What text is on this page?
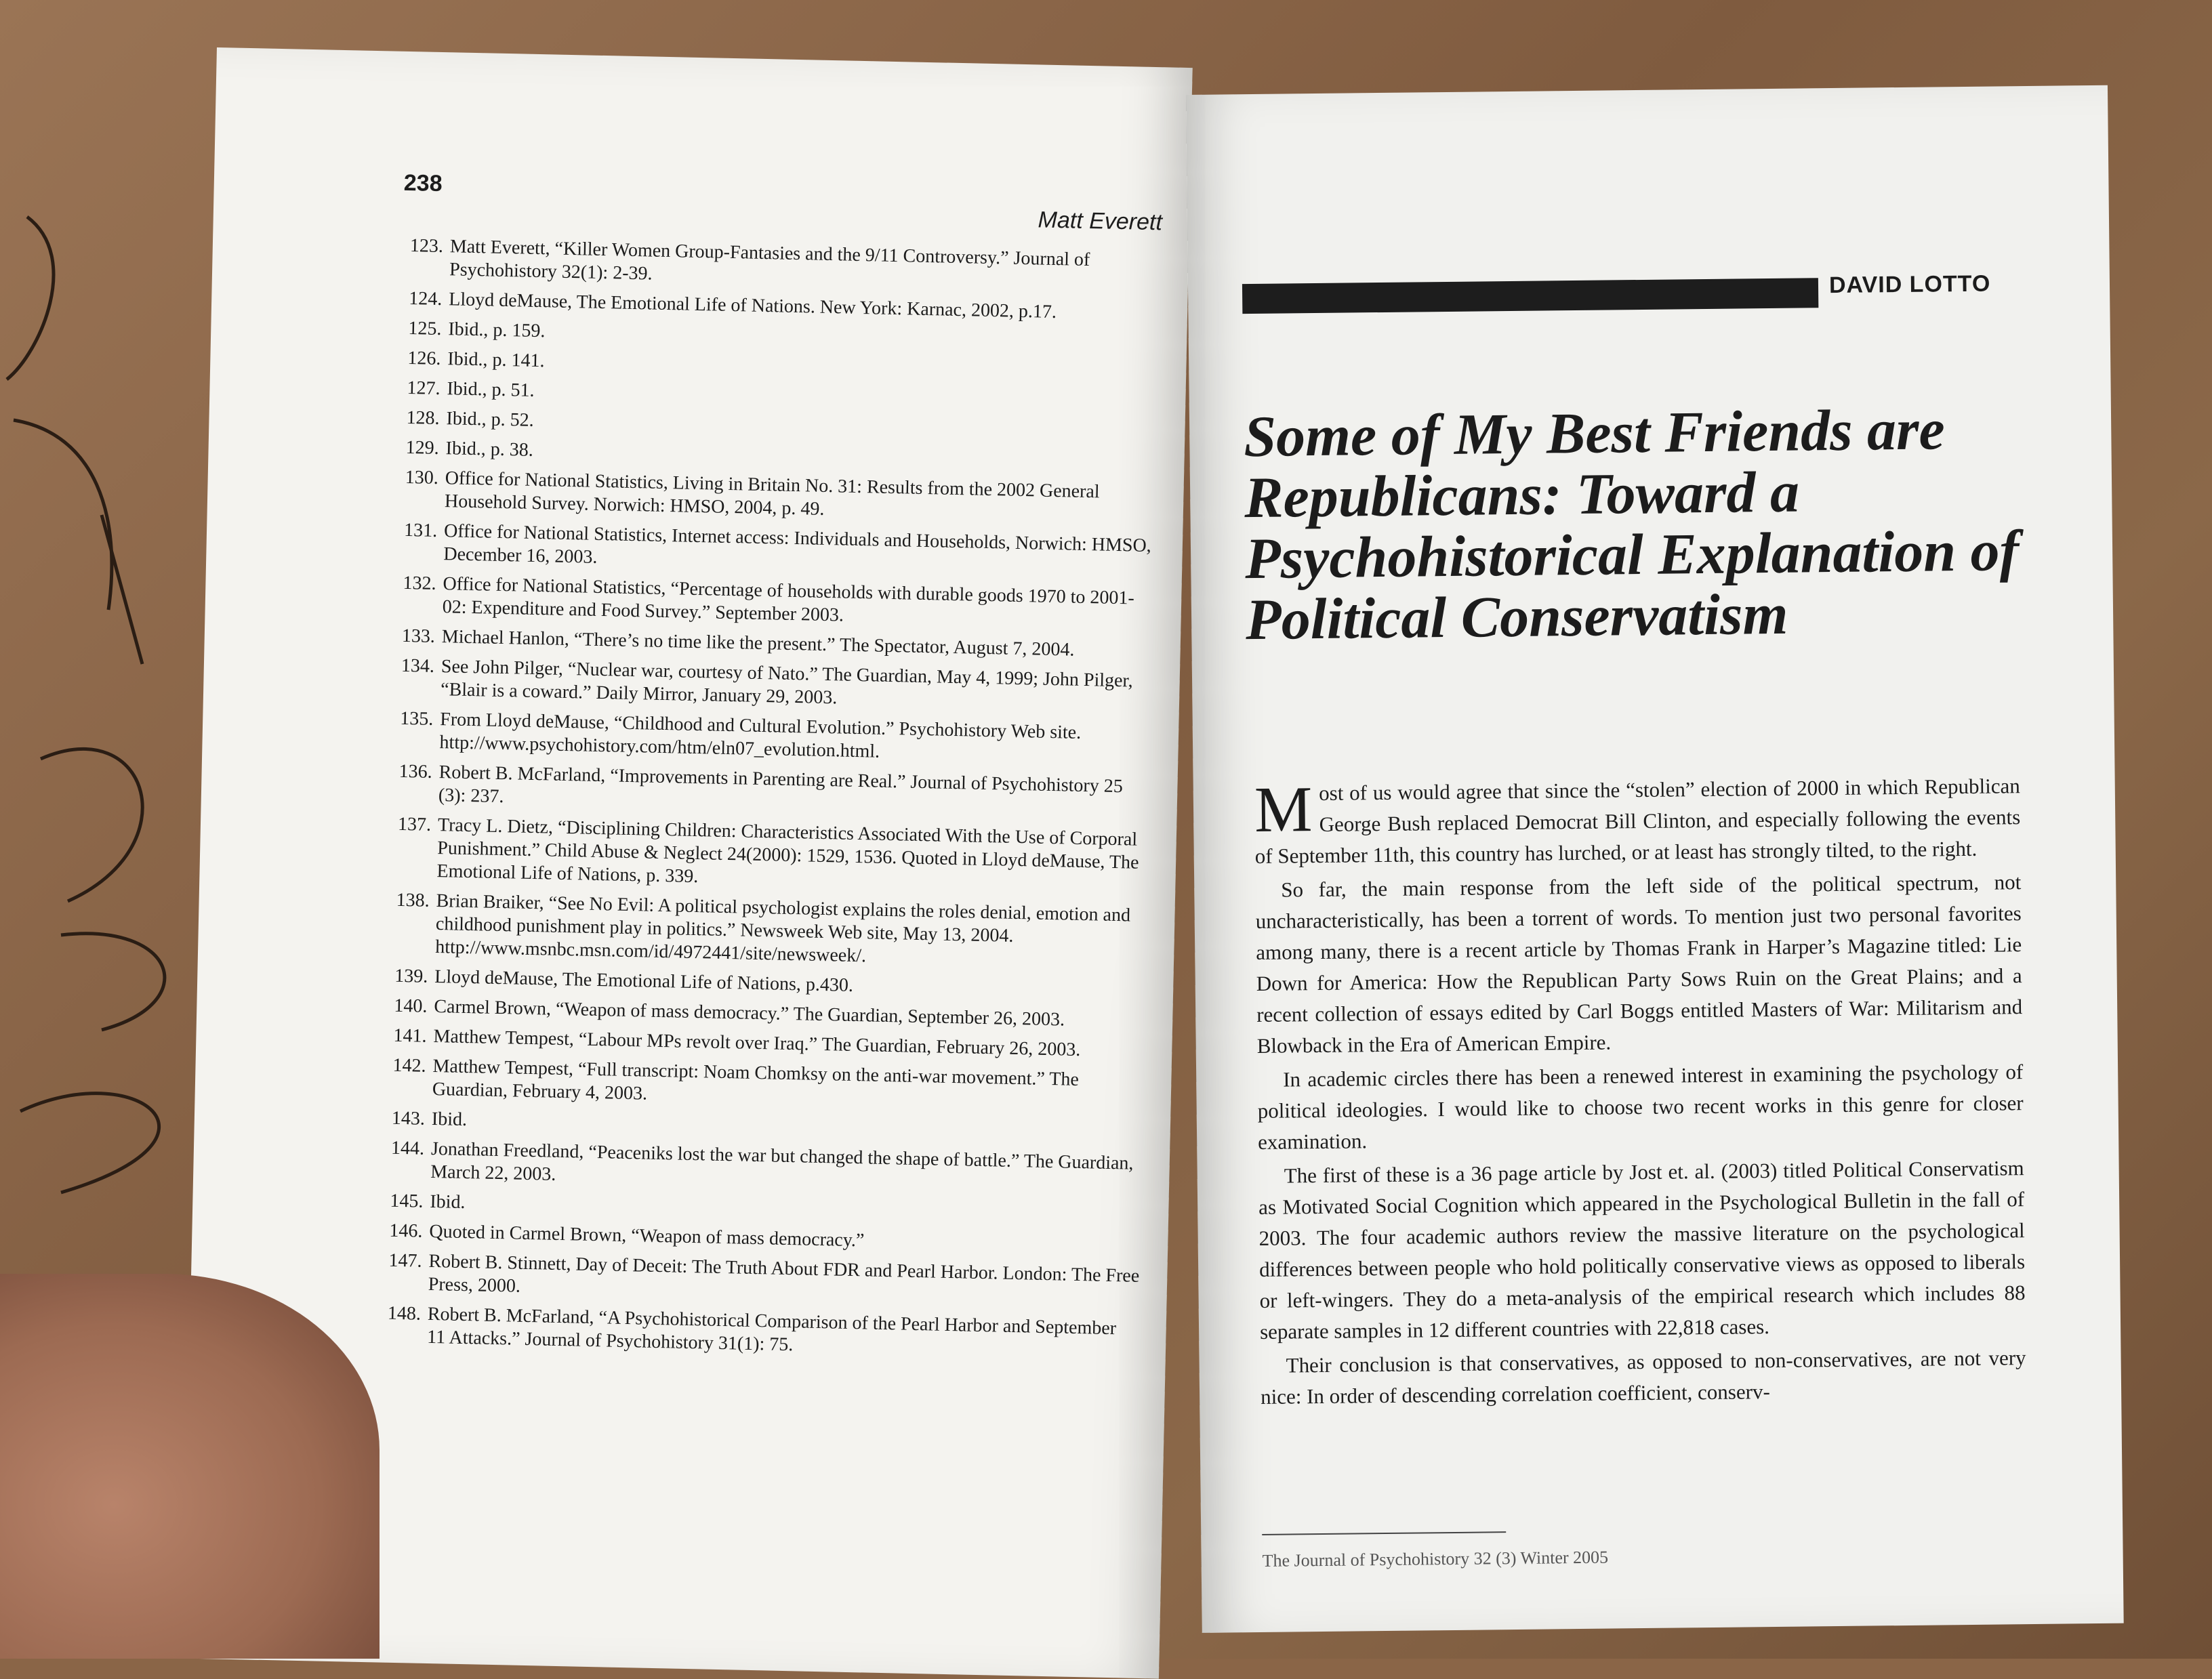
238
Matt Everett
123. Matt Everett, “Killer Women Group-Fantasies and the 9/11 Controversy.” Journal of Psychohistory 32(1): 2-39.
124. Lloyd deMause, The Emotional Life of Nations. New York: Karnac, 2002, p.17.
125. Ibid., p. 159.
126. Ibid., p. 141.
127. Ibid., p. 51.
128. Ibid., p. 52.
129. Ibid., p. 38.
130. Office for National Statistics, Living in Britain No. 31: Results from the 2002 General Household Survey. Norwich: HMSO, 2004, p. 49.
131. Office for National Statistics, Internet access: Individuals and Households, Norwich: HMSO, December 16, 2003.
132. Office for National Statistics, “Percentage of households with durable goods 1970 to 2001-02: Expenditure and Food Survey.” September 2003.
133. Michael Hanlon, “There’s no time like the present.” The Spectator, August 7, 2004.
134. See John Pilger, “Nuclear war, courtesy of Nato.” The Guardian, May 4, 1999; John Pilger, “Blair is a coward.” Daily Mirror, January 29, 2003.
135. From Lloyd deMause, “Childhood and Cultural Evolution.” Psychohistory Web site. http://www.psychohistory.com/htm/eln07_evolution.html.
136. Robert B. McFarland, “Improvements in Parenting are Real.” Journal of Psychohistory 25 (3): 237.
137. Tracy L. Dietz, “Disciplining Children: Characteristics Associated With the Use of Corporal Punishment.” Child Abuse & Neglect 24(2000): 1529, 1536. Quoted in Lloyd deMause, The Emotional Life of Nations, p. 339.
138. Brian Braiker, “See No Evil: A political psychologist explains the roles denial, emotion and childhood punishment play in politics.” Newsweek Web site, May 13, 2004. http://www.msnbc.msn.com/id/4972441/site/newsweek/.
139. Lloyd deMause, The Emotional Life of Nations, p.430.
140. Carmel Brown, “Weapon of mass democracy.” The Guardian, September 26, 2003.
141. Matthew Tempest, “Labour MPs revolt over Iraq.” The Guardian, February 26, 2003.
142. Matthew Tempest, “Full transcript: Noam Chomksy on the anti-war movement.” The Guardian, February 4, 2003.
143. Ibid.
144. Jonathan Freedland, “Peaceniks lost the war but changed the shape of battle.” The Guardian, March 22, 2003.
145. Ibid.
146. Quoted in Carmel Brown, “Weapon of mass democracy.”
147. Robert B. Stinnett, Day of Deceit: The Truth About FDR and Pearl Harbor. London: The Free Press, 2000.
148. Robert B. McFarland, “A Psychohistorical Comparison of the Pearl Harbor and September 11 Attacks.” Journal of Psychohistory 31(1): 75.
DAVID LOTTO
Some of My Best Friends are Republicans: Toward a Psychohistorical Explanation of Political Conservatism

Most of us would agree that since the “stolen” election of 2000 in which Republican George Bush replaced Democrat Bill Clinton, and especially following the events of September 11th, this country has lurched, or at least has strongly tilted, to the right.

So far, the main response from the left side of the political spectrum, not uncharacteristically, has been a torrent of words. To mention just two personal favorites among many, there is a recent article by Thomas Frank in Harper’s Magazine titled: Lie Down for America: How the Republican Party Sows Ruin on the Great Plains; and a recent collection of essays edited by Carl Boggs entitled Masters of War: Militarism and Blowback in the Era of American Empire.

In academic circles there has been a renewed interest in examining the psychology of political ideologies. I would like to choose two recent works in this genre for closer examination.

The first of these is a 36 page article by Jost et. al. (2003) titled Political Conservatism as Motivated Social Cognition which appeared in the Psychological Bulletin in the fall of 2003. The four academic authors review the massive literature on the psychological differences between people who hold politically conservative views as opposed to liberals or left-wingers. They do a meta-analysis of the empirical research which includes 88 separate samples in 12 different countries with 22,818 cases.

Their conclusion is that conservatives, as opposed to non-conservatives, are not very nice: In order of descending correlation coefficient, conserv-

The Journal of Psychohistory 32 (3) Winter 2005
